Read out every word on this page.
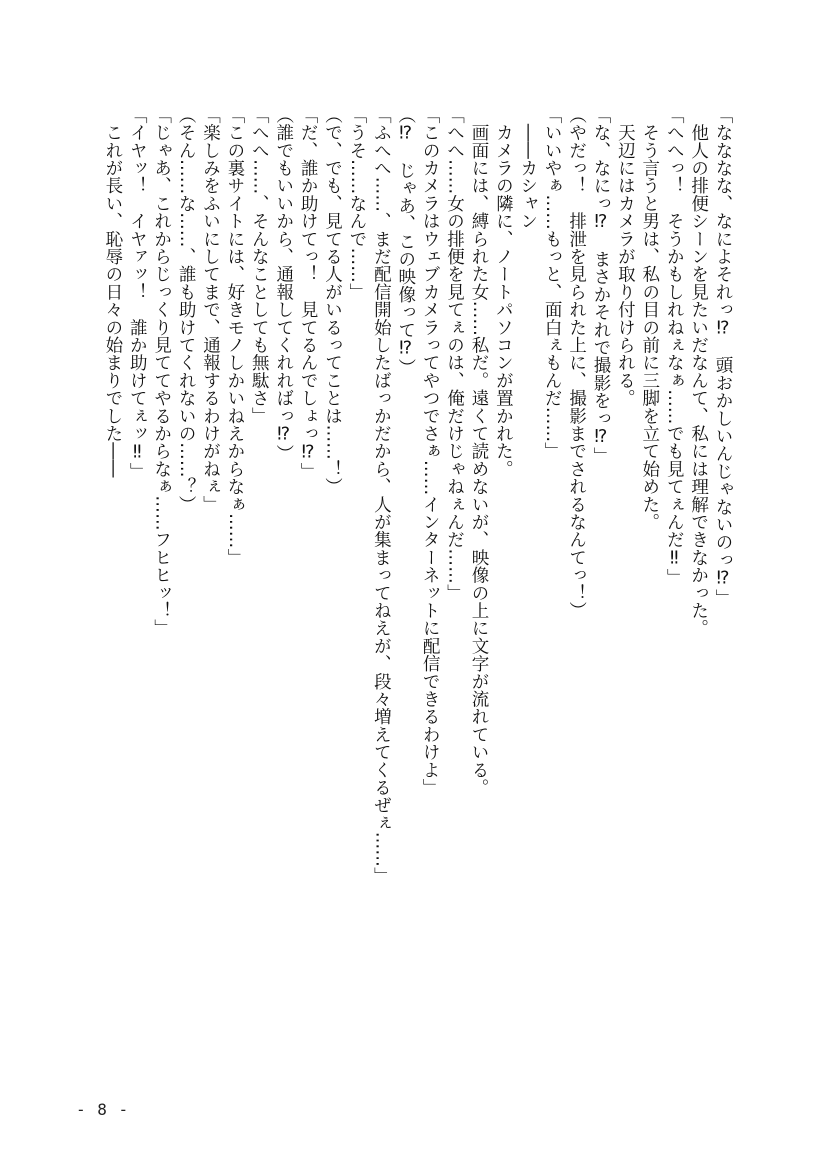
「なななな、なによそれっ⁉　頭おかしいんじゃないのっ⁉」
　他人の排便シーンを見たいだなんて、私には理解できなかった。
「へへっ！　そうかもしれねぇなぁ……でも見てぇんだ‼」
　そう言うと男は、私の目の前に三脚を立て始めた。
　天辺にはカメラが取り付けられる。
「な、なにっ⁉　まさかそれで撮影をっ⁉」
（やだっ！　排泄を見られた上に、撮影までされるなんてっ！）
「いいやぁ……もっと、面白ぇもんだ……」
　――カシャン
　カメラの隣に、ノートパソコンが置かれた。
　画面には、縛られた女……私だ。遠くて読めないが、映像の上に文字が流れている。
「へへ……女の排便を見てぇのは、俺だけじゃねぇんだ……」
「このカメラはウェブカメラってやつでさぁ……インターネットに配信できるわけよ」
（⁉　じゃあ、この映像って⁉）
「ふへへ……、まだ配信開始したばっかだから、人が集まってねえが、段々増えてくるぜぇ……」
「うそ……なんで……」
（で、でも、見てる人がいるってことは……！）
「だ、誰か助けてっ！　見てるんでしょっ⁉」
（誰でもいいから、通報してくれればっ⁉）
「へへ……、そんなことしても無駄さ」
「この裏サイトには、好きモノしかいねえからなぁ……」
「楽しみをふいにしてまで、通報するわけがねぇ」
（そん……な……、誰も助けてくれないの……？）
「じゃあ、これからじっくり見ててやるからなぁ……フヒヒッ！」
「イヤッ！　イヤァッ！　誰か助けてぇッ‼」
　これが長い、恥辱の日々の始まりでした――
- 8 -
